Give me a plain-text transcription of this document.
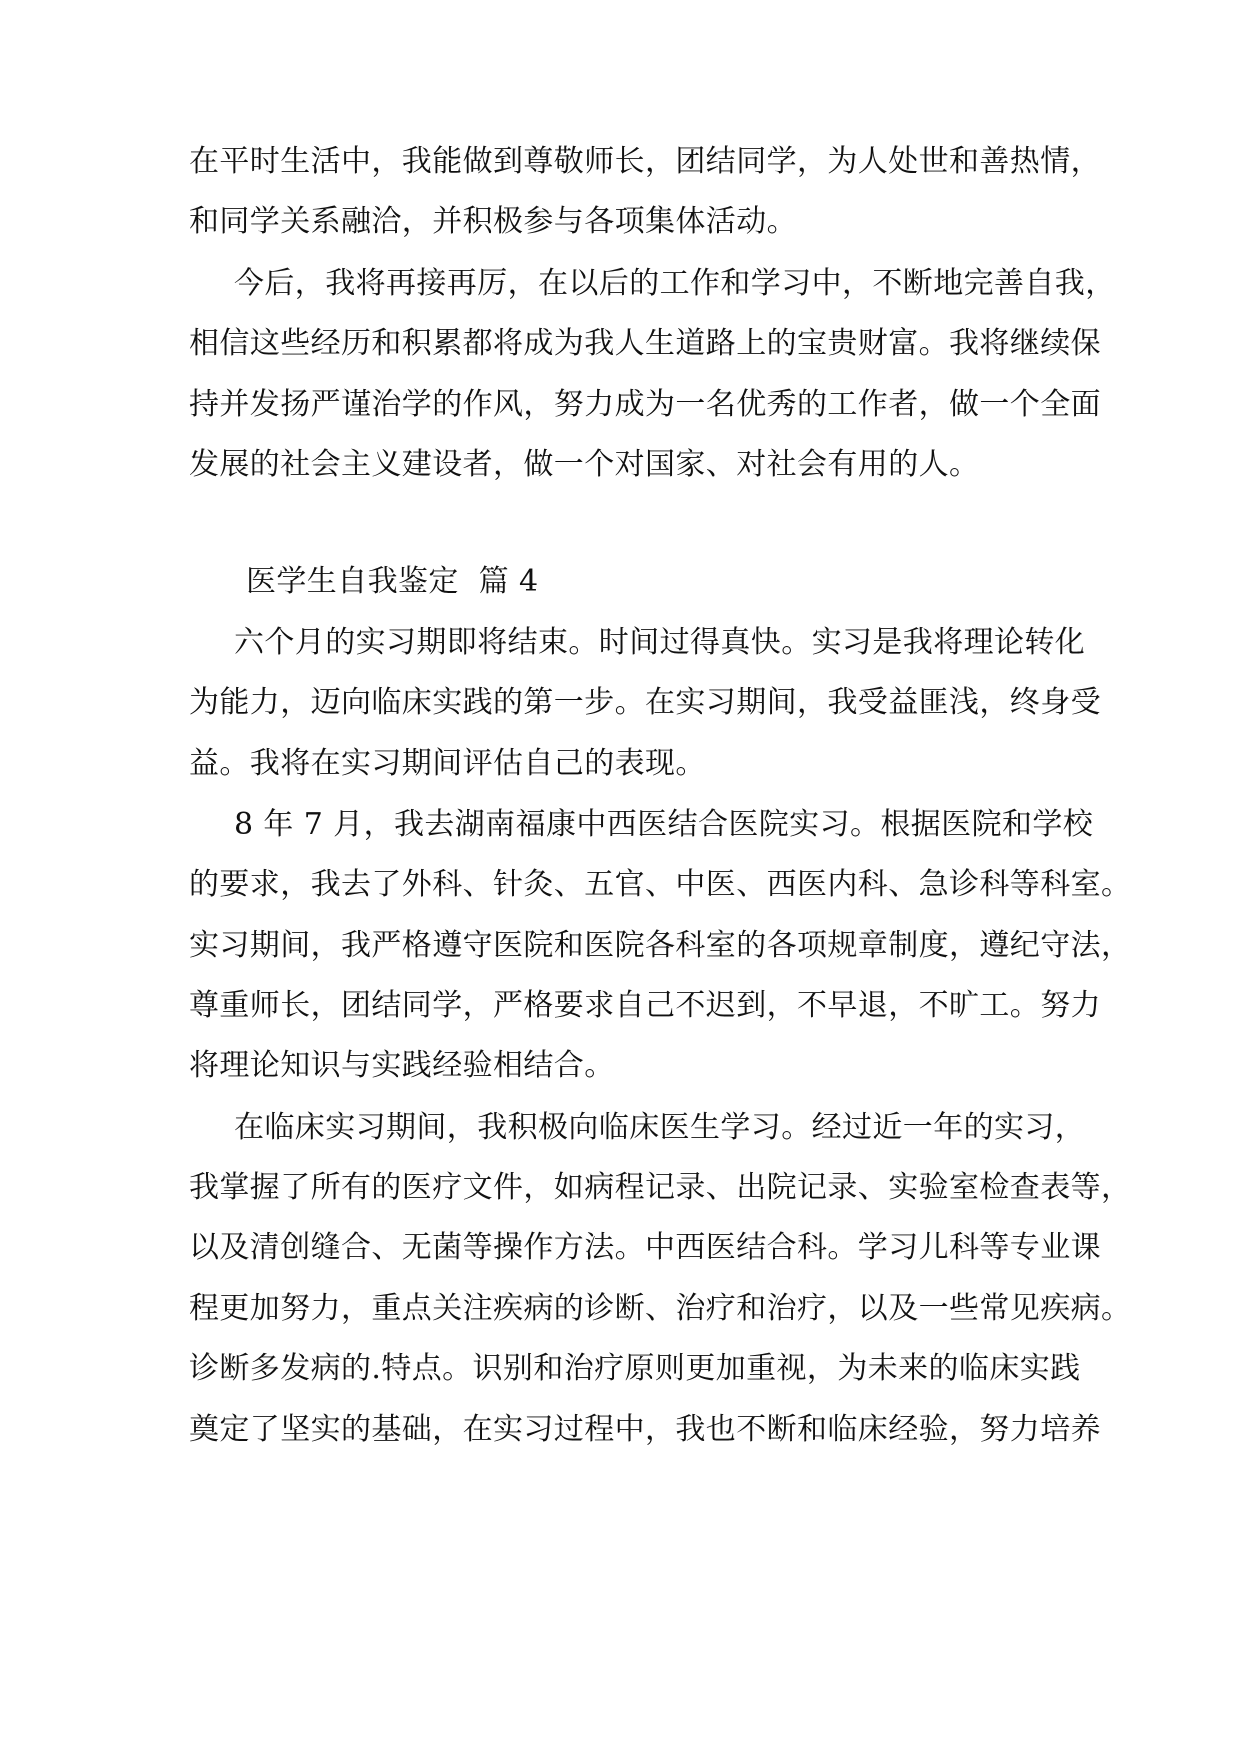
在平时生活中，我能做到尊敬师长，团结同学，为人处世和善热情，
和同学关系融洽，并积极参与各项集体活动。
今后，我将再接再厉，在以后的工作和学习中，不断地完善自我，
相信这些经历和积累都将成为我人生道路上的宝贵财富。我将继续保
持并发扬严谨治学的作风，努力成为一名优秀的工作者，做一个全面
发展的社会主义建设者，做一个对国家、对社会有用的人。
医学生自我鉴定  篇 4
六个月的实习期即将结束。时间过得真快。实习是我将理论转化
为能力，迈向临床实践的第一步。在实习期间，我受益匪浅，终身受
益。我将在实习期间评估自己的表现。
8 年 7 月，我去湖南福康中西医结合医院实习。根据医院和学校
的要求，我去了外科、针灸、五官、中医、西医内科、急诊科等科室。
实习期间，我严格遵守医院和医院各科室的各项规章制度，遵纪守法，
尊重师长，团结同学，严格要求自己不迟到，不早退，不旷工。努力
将理论知识与实践经验相结合。
在临床实习期间，我积极向临床医生学习。经过近一年的实习，
我掌握了所有的医疗文件，如病程记录、出院记录、实验室检查表等，
以及清创缝合、无菌等操作方法。中西医结合科。学习儿科等专业课
程更加努力，重点关注疾病的诊断、治疗和治疗，以及一些常见疾病。
诊断多发病的.特点。识别和治疗原则更加重视，为未来的临床实践
奠定了坚实的基础，在实习过程中，我也不断和临床经验，努力培养
